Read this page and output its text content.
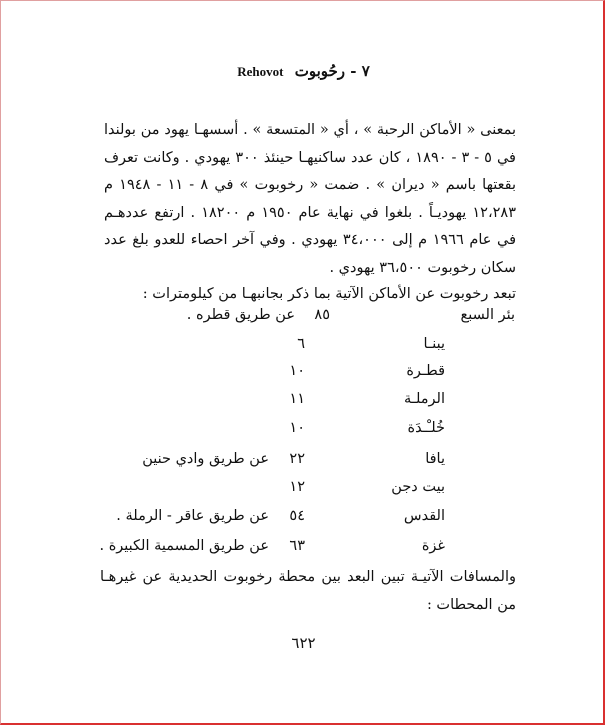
Rehovot ٧ - رحُوبوت
بمعنى « الأماكن الرحبة » ، أي « المتسعة » . أسسهـا يهود من بولندا في ٥ - ٣ - ١٨٩٠ ، كان عدد ساكنيهـا حينئذ ٣٠٠ يهودي . وكانت تعرف بقعتها باسم « ديران » . ضمت « رخوبوت » في ٨ - ١١ - ١٩٤٨ م ١٢،٢٨٣ يهوديـاً . بلغوا في نهاية عام ١٩٥٠ م ١٨٢٠٠ . ارتفع عددهـم في عام ١٩٦٦ م إلى ٣٤،٠٠٠ يهودي . وفي آخر احصاء للعدو بلغ عدد سكان رخوبوت ٣٦،٥٠٠ يهودي .
تبعد رخوبوت عن الأماكن الآتية بما ذكر بجانبهـا من كيلومترات :
بئر السبع
٨٥
عن طريق قطره .
يبنـا
٦
قطـرة
١٠
الرملـة
١١
خُلـْـدَة
١٠
يافا
٢٢
عن طريق وادي حنين
بيت دجن
١٢
القدس
٥٤
عن طريق عاقر - الرملة .
غزة
٦٣
عن طريق المسمية الكبيرة .
والمسافات الآتيـة تبين البعد بين محطة رخوبوت الحديدية عن غيرهـا من المحطات :
٦٢٢
